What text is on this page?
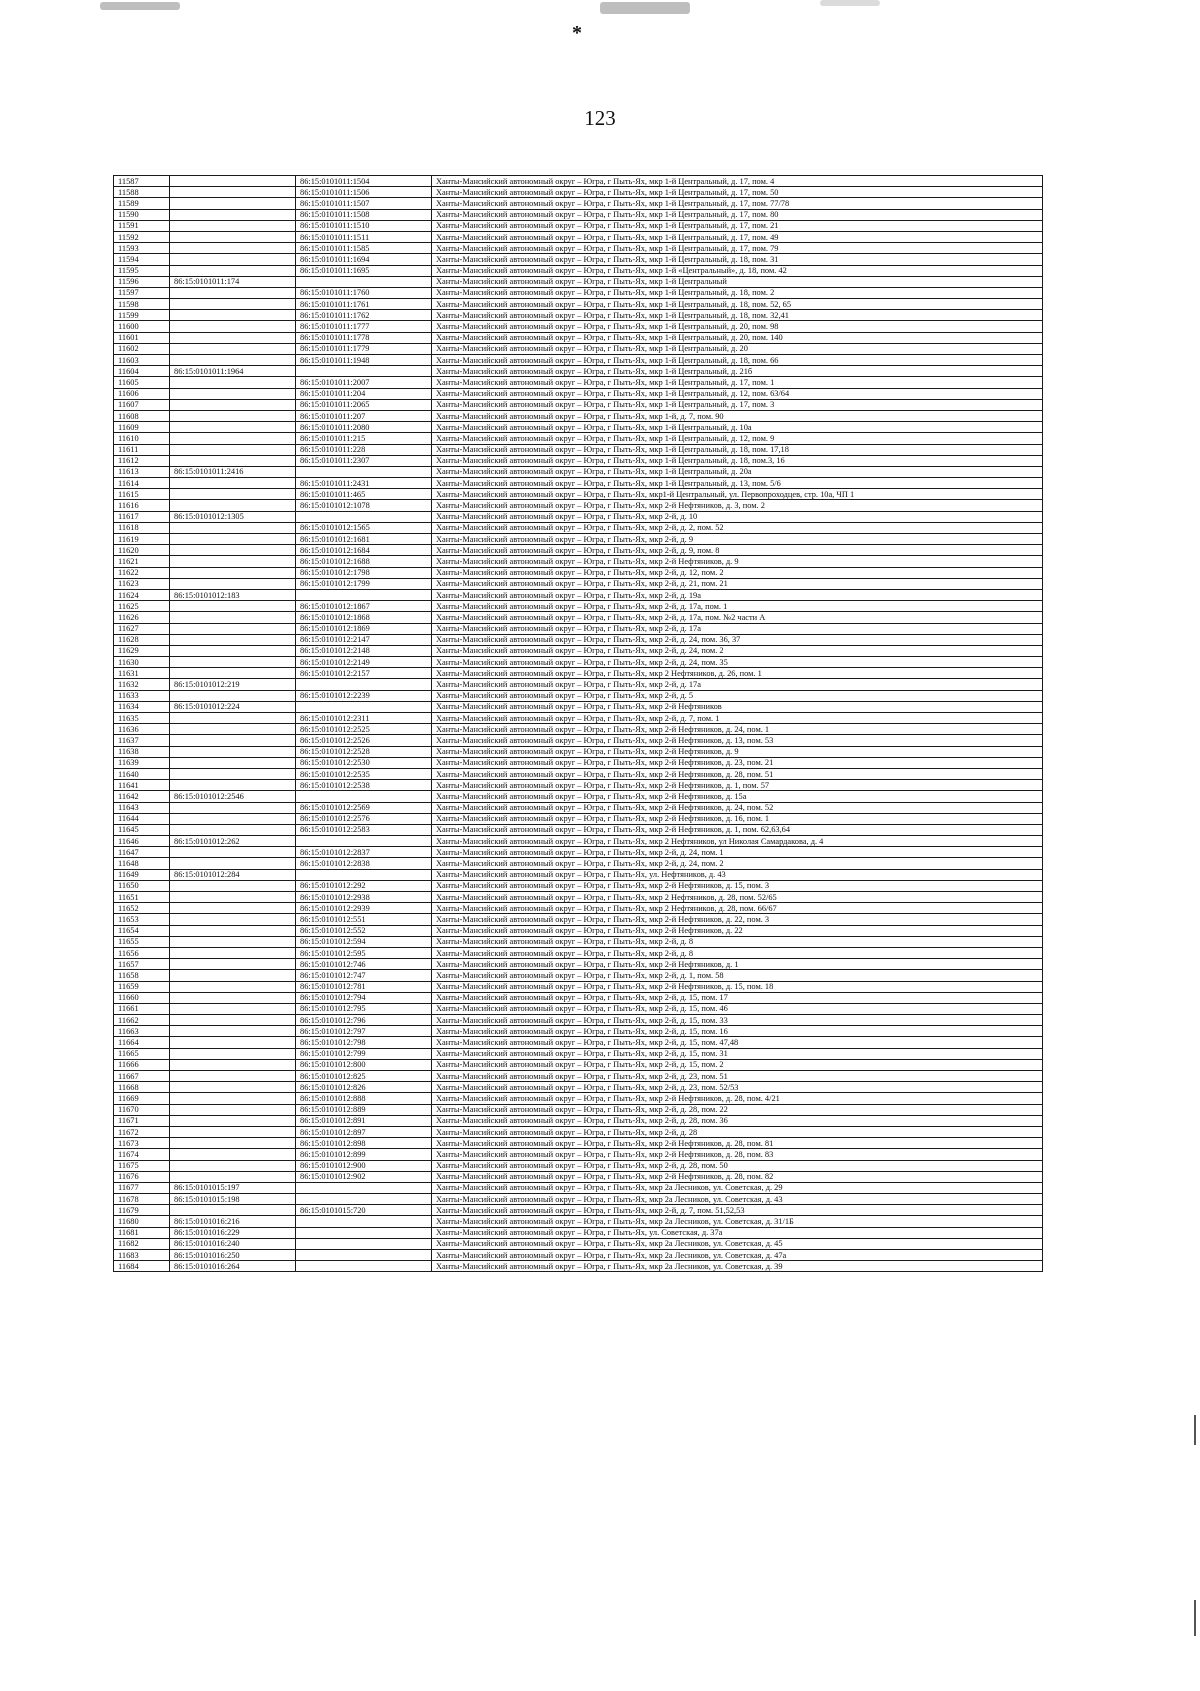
*
123
11587		86:15:0101011:1504	Ханты-Мансийский автономный округ – Югра, г Пыть-Ях, мкр 1-й Центральный, д. 17, пом. 4
11588		86:15:0101011:1506	Ханты-Мансийский автономный округ – Югра, г Пыть-Ях, мкр 1-й Центральный, д. 17, пом. 50
11589		86:15:0101011:1507	Ханты-Мансийский автономный округ – Югра, г Пыть-Ях, мкр 1-й Центральный, д. 17, пом. 77/78
11590		86:15:0101011:1508	Ханты-Мансийский автономный округ – Югра, г Пыть-Ях, мкр 1-й Центральный, д. 17, пом. 80
11591		86:15:0101011:1510	Ханты-Мансийский автономный округ – Югра, г Пыть-Ях, мкр 1-й Центральный, д. 17, пом. 21
11592		86:15:0101011:1511	Ханты-Мансийский автономный округ – Югра, г Пыть-Ях, мкр 1-й Центральный, д. 17, пом. 49
11593		86:15:0101011:1585	Ханты-Мансийский автономный округ – Югра, г Пыть-Ях, мкр 1-й Центральный, д. 17, пом. 79
11594		86:15:0101011:1694	Ханты-Мансийский автономный округ – Югра, г Пыть-Ях, мкр 1-й Центральный, д. 18, пом. 31
11595		86:15:0101011:1695	Ханты-Мансийский автономный округ – Югра, г Пыть-Ях, мкр 1-й «Центральный», д. 18, пом. 42
11596	86:15:0101011:174		Ханты-Мансийский автономный округ – Югра, г Пыть-Ях, мкр 1-й Центральный
11597		86:15:0101011:1760	Ханты-Мансийский автономный округ – Югра, г Пыть-Ях, мкр 1-й Центральный, д. 18, пом. 2
11598		86:15:0101011:1761	Ханты-Мансийский автономный округ – Югра, г Пыть-Ях, мкр 1-й Центральный, д. 18, пом. 52, 65
11599		86:15:0101011:1762	Ханты-Мансийский автономный округ – Югра, г Пыть-Ях, мкр 1-й Центральный, д. 18, пом. 32,41
11600		86:15:0101011:1777	Ханты-Мансийский автономный округ – Югра, г Пыть-Ях, мкр 1-й Центральный, д. 20, пом. 98
11601		86:15:0101011:1778	Ханты-Мансийский автономный округ – Югра, г Пыть-Ях, мкр 1-й Центральный, д. 20, пом. 140
11602		86:15:0101011:1779	Ханты-Мансийский автономный округ – Югра, г Пыть-Ях, мкр 1-й Центральный, д. 20
11603		86:15:0101011:1948	Ханты-Мансийский автономный округ – Югра, г Пыть-Ях, мкр 1-й Центральный, д. 18, пом. 66
11604	86:15:0101011:1964		Ханты-Мансийский автономный округ – Югра, г Пыть-Ях, мкр 1-й Центральный, д. 21б
11605		86:15:0101011:2007	Ханты-Мансийский автономный округ – Югра, г Пыть-Ях, мкр 1-й Центральный, д. 17, пом. 1
11606		86:15:0101011:204	Ханты-Мансийский автономный округ – Югра, г Пыть-Ях, мкр 1-й Центральный, д. 12, пом. 63/64
11607		86:15:0101011:2065	Ханты-Мансийский автономный округ – Югра, г Пыть-Ях, мкр 1-й Центральный, д. 17, пом. 3
11608		86:15:0101011:207	Ханты-Мансийский автономный округ – Югра, г Пыть-Ях, мкр 1-й, д. 7, пом. 90
11609		86:15:0101011:2080	Ханты-Мансийский автономный округ – Югра, г Пыть-Ях, мкр 1-й Центральный, д. 10а
11610		86:15:0101011:215	Ханты-Мансийский автономный округ – Югра, г Пыть-Ях, мкр 1-й Центральный, д. 12, пом. 9
11611		86:15:0101011:228	Ханты-Мансийский автономный округ – Югра, г Пыть-Ях, мкр 1-й Центральный, д. 18, пом. 17,18
11612		86:15:0101011:2307	Ханты-Мансийский автономный округ – Югра, г Пыть-Ях, мкр 1-й Центральный, д. 18, пом.3, 16
11613	86:15:0101011:2416		Ханты-Мансийский автономный округ – Югра, г Пыть-Ях, мкр 1-й Центральный, д. 20а
11614		86:15:0101011:2431	Ханты-Мансийский автономный округ – Югра, г Пыть-Ях, мкр 1-й Центральный, д. 13, пом. 5/6
11615		86:15:0101011:465	Ханты-Мансийский автономный округ – Югра, г Пыть-Ях, мкр1-й Центральный, ул. Первопроходцев, стр. 10а, ЧП 1
11616		86:15:0101012:1078	Ханты-Мансийский автономный округ – Югра, г Пыть-Ях, мкр 2-й Нефтяников, д. 3, пом. 2
11617	86:15:0101012:1305		Ханты-Мансийский автономный округ – Югра, г Пыть-Ях, мкр 2-й, д. 10
11618		86:15:0101012:1565	Ханты-Мансийский автономный округ – Югра, г Пыть-Ях, мкр 2-й, д. 2, пом. 52
11619		86:15:0101012:1681	Ханты-Мансийский автономный округ – Югра, г Пыть-Ях, мкр 2-й, д. 9
11620		86:15:0101012:1684	Ханты-Мансийский автономный округ – Югра, г Пыть-Ях, мкр 2-й, д. 9, пом. 8
11621		86:15:0101012:1688	Ханты-Мансийский автономный округ – Югра, г Пыть-Ях, мкр 2-й Нефтяников, д. 9
11622		86:15:0101012:1798	Ханты-Мансийский автономный округ – Югра, г Пыть-Ях, мкр 2-й, д. 12, пом. 2
11623		86:15:0101012:1799	Ханты-Мансийский автономный округ – Югра, г Пыть-Ях, мкр 2-й, д. 21, пом. 21
11624	86:15:0101012:183		Ханты-Мансийский автономный округ – Югра, г Пыть-Ях, мкр 2-й, д. 19а
11625		86:15:0101012:1867	Ханты-Мансийский автономный округ – Югра, г Пыть-Ях, мкр 2-й, д. 17а, пом. 1
11626		86:15:0101012:1868	Ханты-Мансийский автономный округ – Югра, г Пыть-Ях, мкр 2-й, д. 17а, пом. №2 части А
11627		86:15:0101012:1869	Ханты-Мансийский автономный округ – Югра, г Пыть-Ях, мкр 2-й, д. 17а
11628		86:15:0101012:2147	Ханты-Мансийский автономный округ – Югра, г Пыть-Ях, мкр 2-й, д. 24, пом. 36, 37
11629		86:15:0101012:2148	Ханты-Мансийский автономный округ – Югра, г Пыть-Ях, мкр 2-й, д. 24, пом. 2
11630		86:15:0101012:2149	Ханты-Мансийский автономный округ – Югра, г Пыть-Ях, мкр 2-й, д. 24, пом. 35
11631		86:15:0101012:2157	Ханты-Мансийский автономный округ – Югра, г Пыть-Ях, мкр 2 Нефтяников, д. 26, пом. 1
11632	86:15:0101012:219		Ханты-Мансийский автономный округ – Югра, г Пыть-Ях, мкр 2-й, д. 17а
11633		86:15:0101012:2239	Ханты-Мансийский автономный округ – Югра, г Пыть-Ях, мкр 2-й, д. 5
11634	86:15:0101012:224		Ханты-Мансийский автономный округ – Югра, г Пыть-Ях, мкр 2-й Нефтяников
11635		86:15:0101012:2311	Ханты-Мансийский автономный округ – Югра, г Пыть-Ях, мкр 2-й, д. 7, пом. 1
11636		86:15:0101012:2525	Ханты-Мансийский автономный округ – Югра, г Пыть-Ях, мкр 2-й Нефтяников, д. 24, пом. 1
11637		86:15:0101012:2526	Ханты-Мансийский автономный округ – Югра, г Пыть-Ях, мкр 2-й Нефтяников, д. 13, пом. 53
11638		86:15:0101012:2528	Ханты-Мансийский автономный округ – Югра, г Пыть-Ях, мкр 2-й Нефтяников, д. 9
11639		86:15:0101012:2530	Ханты-Мансийский автономный округ – Югра, г Пыть-Ях, мкр 2-й Нефтяников, д. 23, пом. 21
11640		86:15:0101012:2535	Ханты-Мансийский автономный округ – Югра, г Пыть-Ях, мкр 2-й Нефтяников, д. 28, пом. 51
11641		86:15:0101012:2538	Ханты-Мансийский автономный округ – Югра, г Пыть-Ях, мкр 2-й Нефтяников, д. 1, пом. 57
11642	86:15:0101012:2546		Ханты-Мансийский автономный округ – Югра, г Пыть-Ях, мкр 2-й Нефтяников, д. 15а
11643		86:15:0101012:2569	Ханты-Мансийский автономный округ – Югра, г Пыть-Ях, мкр 2-й Нефтяников, д. 24, пом. 52
11644		86:15:0101012:2576	Ханты-Мансийский автономный округ – Югра, г Пыть-Ях, мкр 2-й Нефтяников, д. 16, пом. 1
11645		86:15:0101012:2583	Ханты-Мансийский автономный округ – Югра, г Пыть-Ях, мкр 2-й Нефтяников, д. 1, пом. 62,63,64
11646	86:15:0101012:262		Ханты-Мансийский автономный округ – Югра, г Пыть-Ях, мкр 2 Нефтяников, ул Николая Самардакова, д. 4
11647		86:15:0101012:2837	Ханты-Мансийский автономный округ – Югра, г Пыть-Ях, мкр 2-й, д. 24, пом. 1
11648		86:15:0101012:2838	Ханты-Мансийский автономный округ – Югра, г Пыть-Ях, мкр 2-й, д. 24, пом. 2
11649	86:15:0101012:284		Ханты-Мансийский автономный округ – Югра, г Пыть-Ях, ул. Нефтяников, д. 43
11650		86:15:0101012:292	Ханты-Мансийский автономный округ – Югра, г Пыть-Ях, мкр 2-й Нефтяников, д. 15, пом. 3
11651		86:15:0101012:2938	Ханты-Мансийский автономный округ – Югра, г Пыть-Ях, мкр 2 Нефтяников, д. 28, пом. 52/65
11652		86:15:0101012:2939	Ханты-Мансийский автономный округ – Югра, г Пыть-Ях, мкр 2 Нефтяников, д. 28, пом. 66/67
11653		86:15:0101012:551	Ханты-Мансийский автономный округ – Югра, г Пыть-Ях, мкр 2-й Нефтяников, д. 22, пом. 3
11654		86:15:0101012:552	Ханты-Мансийский автономный округ – Югра, г Пыть-Ях, мкр 2-й Нефтяников, д. 22
11655		86:15:0101012:594	Ханты-Мансийский автономный округ – Югра, г Пыть-Ях, мкр 2-й, д. 8
11656		86:15:0101012:595	Ханты-Мансийский автономный округ – Югра, г Пыть-Ях, мкр 2-й, д. 8
11657		86:15:0101012:746	Ханты-Мансийский автономный округ – Югра, г Пыть-Ях, мкр 2-й Нефтяников, д. 1
11658		86:15:0101012:747	Ханты-Мансийский автономный округ – Югра, г Пыть-Ях, мкр 2-й, д. 1, пом. 58
11659		86:15:0101012:781	Ханты-Мансийский автономный округ – Югра, г Пыть-Ях, мкр 2-й Нефтяников, д. 15, пом. 18
11660		86:15:0101012:794	Ханты-Мансийский автономный округ – Югра, г Пыть-Ях, мкр 2-й, д. 15, пом. 17
11661		86:15:0101012:795	Ханты-Мансийский автономный округ – Югра, г Пыть-Ях, мкр 2-й, д. 15, пом. 46
11662		86:15:0101012:796	Ханты-Мансийский автономный округ – Югра, г Пыть-Ях, мкр 2-й, д. 15, пом. 33
11663		86:15:0101012:797	Ханты-Мансийский автономный округ – Югра, г Пыть-Ях, мкр 2-й, д. 15, пом. 16
11664		86:15:0101012:798	Ханты-Мансийский автономный округ – Югра, г Пыть-Ях, мкр 2-й, д. 15, пом. 47,48
11665		86:15:0101012:799	Ханты-Мансийский автономный округ – Югра, г Пыть-Ях, мкр 2-й, д. 15, пом. 31
11666		86:15:0101012:800	Ханты-Мансийский автономный округ – Югра, г Пыть-Ях, мкр 2-й, д. 15, пом. 2
11667		86:15:0101012:825	Ханты-Мансийский автономный округ – Югра, г Пыть-Ях, мкр 2-й, д. 23, пом. 51
11668		86:15:0101012:826	Ханты-Мансийский автономный округ – Югра, г Пыть-Ях, мкр 2-й, д. 23, пом. 52/53
11669		86:15:0101012:888	Ханты-Мансийский автономный округ – Югра, г Пыть-Ях, мкр 2-й Нефтяников, д. 28, пом. 4/21
11670		86:15:0101012:889	Ханты-Мансийский автономный округ – Югра, г Пыть-Ях, мкр 2-й, д. 28, пом. 22
11671		86:15:0101012:891	Ханты-Мансийский автономный округ – Югра, г Пыть-Ях, мкр 2-й, д. 28, пом. 36
11672		86:15:0101012:897	Ханты-Мансийский автономный округ – Югра, г Пыть-Ях, мкр 2-й, д. 28
11673		86:15:0101012:898	Ханты-Мансийский автономный округ – Югра, г Пыть-Ях, мкр 2-й Нефтяников, д. 28, пом. 81
11674		86:15:0101012:899	Ханты-Мансийский автономный округ – Югра, г Пыть-Ях, мкр 2-й Нефтяников, д. 28, пом. 83
11675		86:15:0101012:900	Ханты-Мансийский автономный округ – Югра, г Пыть-Ях, мкр 2-й, д. 28, пом. 50
11676		86:15:0101012:902	Ханты-Мансийский автономный округ – Югра, г Пыть-Ях, мкр 2-й Нефтяников, д. 28, пом. 82
11677	86:15:0101015:197		Ханты-Мансийский автономный округ – Югра, г Пыть-Ях, мкр 2а Лесников, ул. Советская, д. 29
11678	86:15:0101015:198		Ханты-Мансийский автономный округ – Югра, г Пыть-Ях, мкр 2а Лесников, ул. Советская, д. 43
11679		86:15:0101015:720	Ханты-Мансийский автономный округ – Югра, г Пыть-Ях, мкр 2-й, д. 7, пом. 51,52,53
11680	86:15:0101016:216		Ханты-Мансийский автономный округ – Югра, г Пыть-Ях, мкр 2а Лесников, ул. Советская, д. 31/1Б
11681	86:15:0101016:229		Ханты-Мансийский автономный округ – Югра, г Пыть-Ях, ул. Советская, д. 37а
11682	86:15:0101016:240		Ханты-Мансийский автономный округ – Югра, г Пыть-Ях, мкр 2а Лесников, ул. Советская, д. 45
11683	86:15:0101016:250		Ханты-Мансийский автономный округ – Югра, г Пыть-Ях, мкр 2а Лесников, ул. Советская, д. 47а
11684	86:15:0101016:264		Ханты-Мансийский автономный округ – Югра, г Пыть-Ях, мкр 2а Лесников, ул. Советская, д. 39
